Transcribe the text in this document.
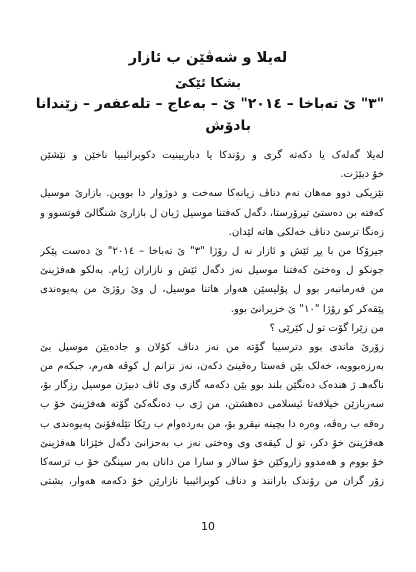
لەیلا و شەڤێن ب ئازار
بشکا ئێکێ
"٣" ێ تەباخا – ٢٠١٤" ێ – بەعاج – تلەعفەر – زێندانا
بادۆش
لەیلا گەلەک یا دکەتە گری و رۆندکا یا دباریینیت دکوبرائیبیا ناخێن و نێشێن
خۆ دبێژت.
نێزیکی دوو مەهان نەم دناڤ زیانەکا سەخت و دوژوار دا بووین. بازارێ موسیل
کەفتە بن دەستێ تیرۆرستا، دگەل کەفتنا موسیل ژیان ل بازارێ شنگالێ فوتسوو و
زەنگا ترسێ دناڤ خەلکی هاتە لێدان.
جیرۆکا من با پڕ ئێش و ئازار نە ل رۆژا "٣" ێ تەباخا – ٢٠١٤" ێ دەست پێکر
جونکو ل وەختێ کەفتنا موسیل نەز دگەل ئێش و نازاران ژیام. بەلکو هەفژینێ
من فەرمانبەر بوو ل پۆلیسێن هەوار هاتنا موسیل، ل وێ رۆژێ من پەیوەندی
پێقەکر کو رۆژا "١٠" ێ خزیرانێ بوو.
من زێرا گۆت تو ل کێرێی ؟
زۆرێ ماندی بوو دترسیبا گۆتە من نەز دناڤ کۆلان و جادەیێن موسیل بێ
بەرزەبوویە، خەلک بێن قەستا رەڤینێ دکەن، نەز نزانم ل کوڤە هەرم، جبکەم من
ناگەهـ ژ هندەک دەنگێن بلند بوو بێن دکەمە گازی وی ئاڤ دبیژن موسیل رزگار بۆ،
سەربازێن خیلافەتا ئیسلامی دەهشتن، من ژی ب دەنگەکێ گۆتە هەفژینێ خۆ ب
رەقە ب رەڤە، وەرە دا بچینە نیقرو بۆ، من بەردەوام ب رێکا تێلەفۆنێ پەیوەندی ب
هەفژینێ خۆ دکر، تو ل کیقەی وی وەختی نەز ب بەحزانێ دگەل خێزانا هەفژینێ
خۆ بووم و هەمدوو زاروکێن خۆ سالار و سارا من دانان بەر سینگێ خۆ ب ترسەکا
زۆر گران من رۆندک بارانند و دناڤ کوبرائیبیا نازارێن خۆ دکەمە هەوار، بشتی
10
